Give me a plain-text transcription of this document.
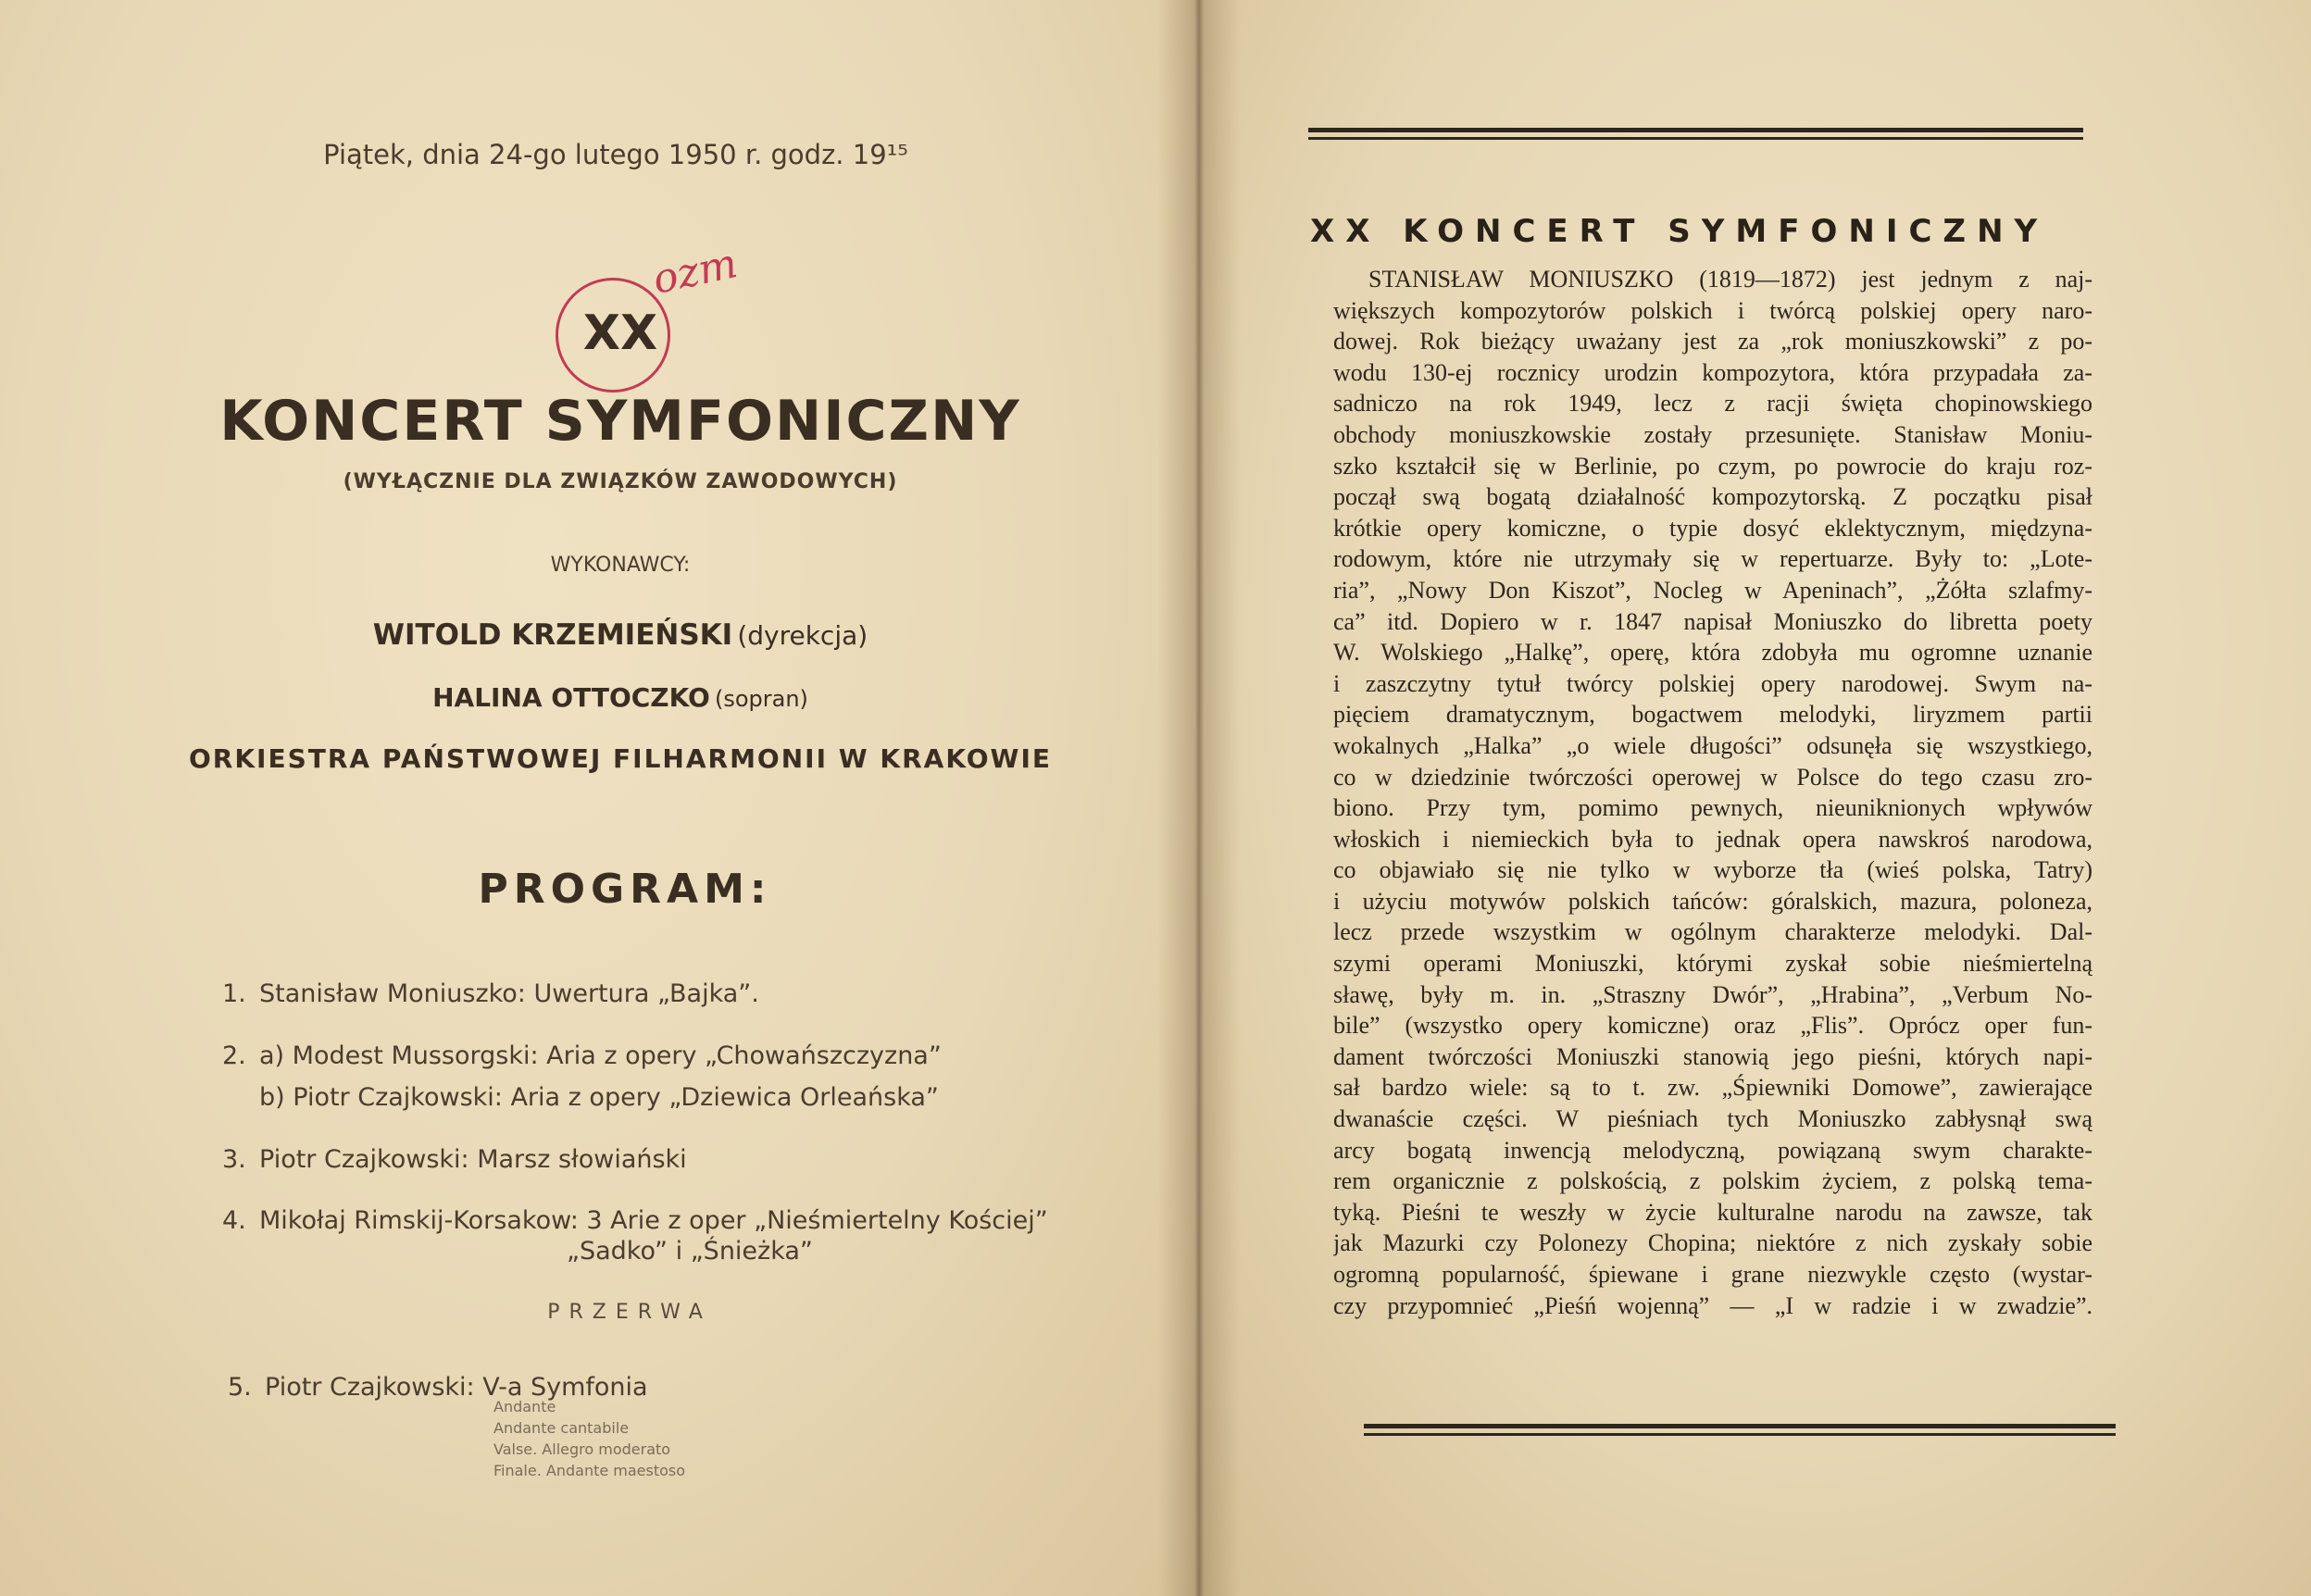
Piątek, dnia 24-go lutego 1950 r. godz. 19¹⁵
XX
ozm
KONCERT SYMFONICZNY
(WYŁĄCZNIE DLA ZWIĄZKÓW ZAWODOWYCH)
WYKONAWCY:
WITOLD KRZEMIEŃSKI (dyrekcja)
HALINA OTTOCZKO (sopran)
ORKIESTRA PAŃSTWOWEJ FILHARMONII W KRAKOWIE
PROGRAM:
1. Stanisław Moniuszko: Uwertura „Bajka”.
2. a) Modest Mussorgski: Aria z opery „Chowańszczyzna”
b) Piotr Czajkowski: Aria z opery „Dziewica Orleańska”
3. Piotr Czajkowski: Marsz słowiański
4. Mikołaj Rimskij-Korsakow: 3 Arie z oper „Nieśmiertelny Kościej”
„Sadko” i „Śnieżka”
PRZERWA
5. Piotr Czajkowski: V-a Symfonia
Andante
Andante cantabile
Valse. Allegro moderato
Finale. Andante maestoso
XX KONCERT SYMFONICZNY
STANISŁAW MONIUSZKO (1819—1872) jest jednym z naj-
większych kompozytorów polskich i twórcą polskiej opery naro-
dowej. Rok bieżący uważany jest za „rok moniuszkowski” z po-
wodu 130-ej rocznicy urodzin kompozytora, która przypadała za-
sadniczo na rok 1949, lecz z racji święta chopinowskiego
obchody moniuszkowskie zostały przesunięte. Stanisław Moniu-
szko kształcił się w Berlinie, po czym, po powrocie do kraju roz-
począł swą bogatą działalność kompozytorską. Z początku pisał
krótkie opery komiczne, o typie dosyć eklektycznym, międzyna-
rodowym, które nie utrzymały się w repertuarze. Były to: „Lote-
ria”, „Nowy Don Kiszot”, Nocleg w Apeninach”, „Żółta szlafmy-
ca” itd. Dopiero w r. 1847 napisał Moniuszko do libretta poety
W. Wolskiego „Halkę”, operę, która zdobyła mu ogromne uznanie
i zaszczytny tytuł twórcy polskiej opery narodowej. Swym na-
pięciem dramatycznym, bogactwem melodyki, liryzmem partii
wokalnych „Halka” „o wiele długości” odsunęła się wszystkiego,
co w dziedzinie twórczości operowej w Polsce do tego czasu zro-
biono. Przy tym, pomimo pewnych, nieuniknionych wpływów
włoskich i niemieckich była to jednak opera nawskroś narodowa,
co objawiało się nie tylko w wyborze tła (wieś polska, Tatry)
i użyciu motywów polskich tańców: góralskich, mazura, poloneza,
lecz przede wszystkim w ogólnym charakterze melodyki. Dal-
szymi operami Moniuszki, którymi zyskał sobie nieśmiertelną
sławę, były m. in. „Straszny Dwór”, „Hrabina”, „Verbum No-
bile” (wszystko opery komiczne) oraz „Flis”. Oprócz oper fun-
dament twórczości Moniuszki stanowią jego pieśni, których napi-
sał bardzo wiele: są to t. zw. „Śpiewniki Domowe”, zawierające
dwanaście części. W pieśniach tych Moniuszko zabłysnął swą
arcy bogatą inwencją melodyczną, powiązaną swym charakte-
rem organicznie z polskością, z polskim życiem, z polską tema-
tyką. Pieśni te weszły w życie kulturalne narodu na zawsze, tak
jak Mazurki czy Polonezy Chopina; niektóre z nich zyskały sobie
ogromną popularność, śpiewane i grane niezwykle często (wystar-
czy przypomnieć „Pieśń wojenną” — „I w radzie i w zwadzie”.
